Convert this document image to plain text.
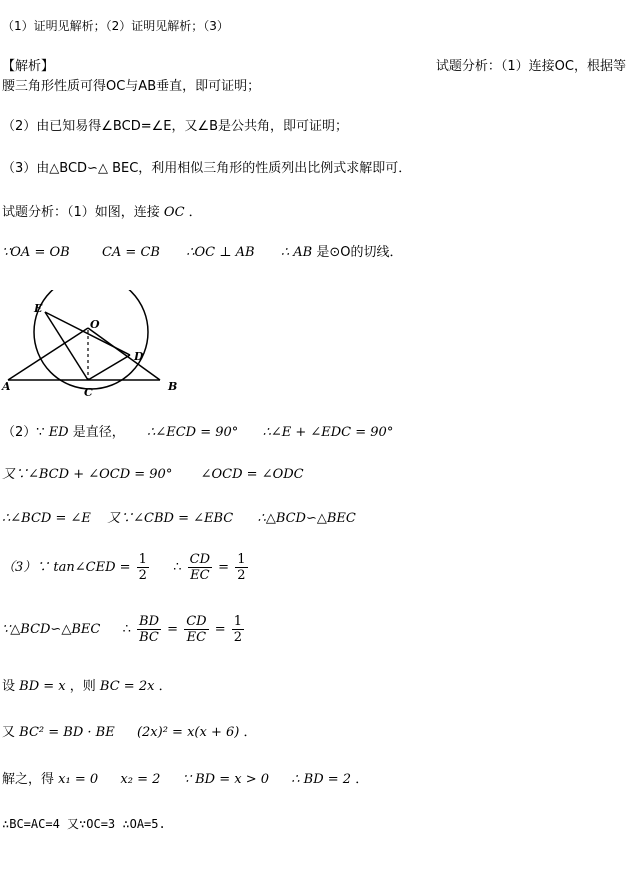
（1）证明见解析；（2）证明见解析；（3）
【解析】	试题分析：（1）连接OC，根据等
腰三角形性质可得OC与AB垂直，即可证明；
（2）由已知易得∠BCD=∠E，又∠B是公共角，即可证明；
（3）由△BCD∽△ BEC，利用相似三角形的性质列出比例式求解即可．
试题分析：（1）如图，连接 OC ．
∵OA = OB CA = CB ∴OC ⊥ AB ∴ AB 是⊙O的切线．
E
O
D
A	C	B
（2）∵ ED 是直径， ∴∠ECD = 90° ∴∠E + ∠EDC = 90°
又∵∠BCD + ∠OCD = 90° ∠OCD = ∠ODC
∴∠BCD = ∠E 又∵∠CBD = ∠EBC ∴△BCD∽△BEC
（3）∵ tan∠CED = $\frac{1}{2}$ ∴ $\frac{CD}{EC} = \frac{1}{2}$
∵△BCD∽△BEC ∴ $\frac{BD}{BC} = \frac{CD}{EC} = \frac{1}{2}$
设 BD = x ，则 BC = 2x ．
又 BC² = BD · BE (2x)² = x(x + 6) ．
解之，得 x₁ = 0 x₂ = 2 ∵ BD = x > 0 ∴ BD = 2 ．
∴BC=AC=4 又∵OC=3 ∴OA=5.
